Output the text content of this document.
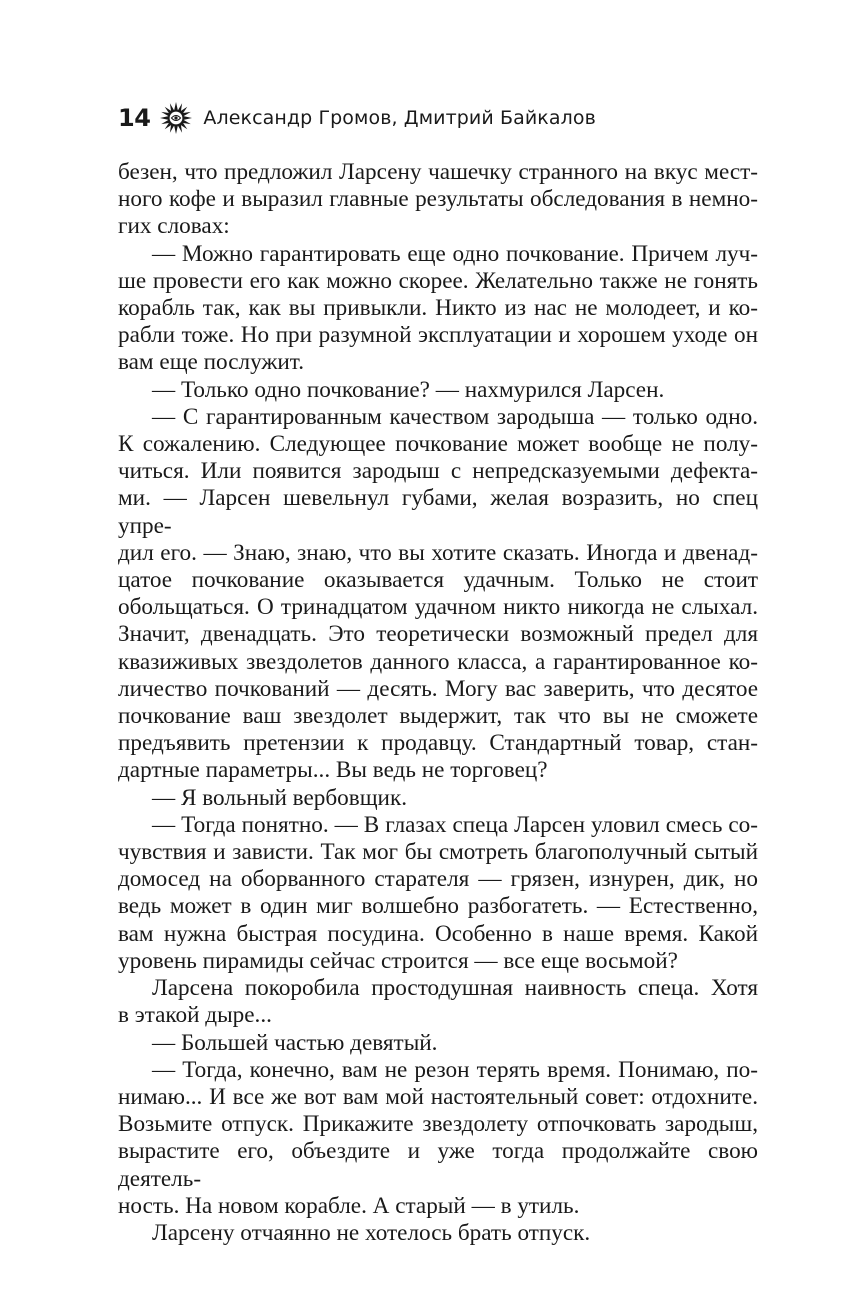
14	Александр Громов, Дмитрий Байкалов

безен, что предложил Ларсену чашечку странного на вкус мест-

ного кофе и выразил главные результаты обследования в немно-

гих словах:

— Можно гарантировать еще одно почкование. Причем луч-

ше провести его как можно скорее. Желательно также не гонять

корабль так, как вы привыкли. Никто из нас не молодеет, и ко-

рабли тоже. Но при разумной эксплуатации и хорошем уходе он

вам еще послужит.

— Только одно почкование? — нахмурился Ларсен.

— С гарантированным качеством зародыша — только одно.

К сожалению. Следующее почкование может вообще не полу-

читься. Или появится зародыш с непредсказуемыми дефекта-

ми. — Ларсен шевельнул губами, желая возразить, но спец упре-

дил его. — Знаю, знаю, что вы хотите сказать. Иногда и двенад-

цатое почкование оказывается удачным. Только не стоит

обольщаться. О тринадцатом удачном никто никогда не слыхал.

Значит, двенадцать. Это теоретически возможный предел для

квазиживых звездолетов данного класса, а гарантированное ко-

личество почкований — десять. Могу вас заверить, что десятое

почкование ваш звездолет выдержит, так что вы не сможете

предъявить претензии к продавцу. Стандартный товар, стан-

дартные параметры... Вы ведь не торговец?

— Я вольный вербовщик.

— Тогда понятно. — В глазах спеца Ларсен уловил смесь со-

чувствия и зависти. Так мог бы смотреть благополучный сытый

домосед на оборванного старателя — грязен, изнурен, дик, но

ведь может в один миг волшебно разбогатеть. — Естественно,

вам нужна быстрая посудина. Особенно в наше время. Какой

уровень пирамиды сейчас строится — все еще восьмой?

Ларсена покоробила простодушная наивность спеца. Хотя

в этакой дыре...

— Большей частью девятый.

— Тогда, конечно, вам не резон терять время. Понимаю, по-

нимаю... И все же вот вам мой настоятельный совет: отдохните.

Возьмите отпуск. Прикажите звездолету отпочковать зародыш,

вырастите его, объездите и уже тогда продолжайте свою деятель-

ность. На новом корабле. А старый — в утиль.

Ларсену отчаянно не хотелось брать отпуск.
